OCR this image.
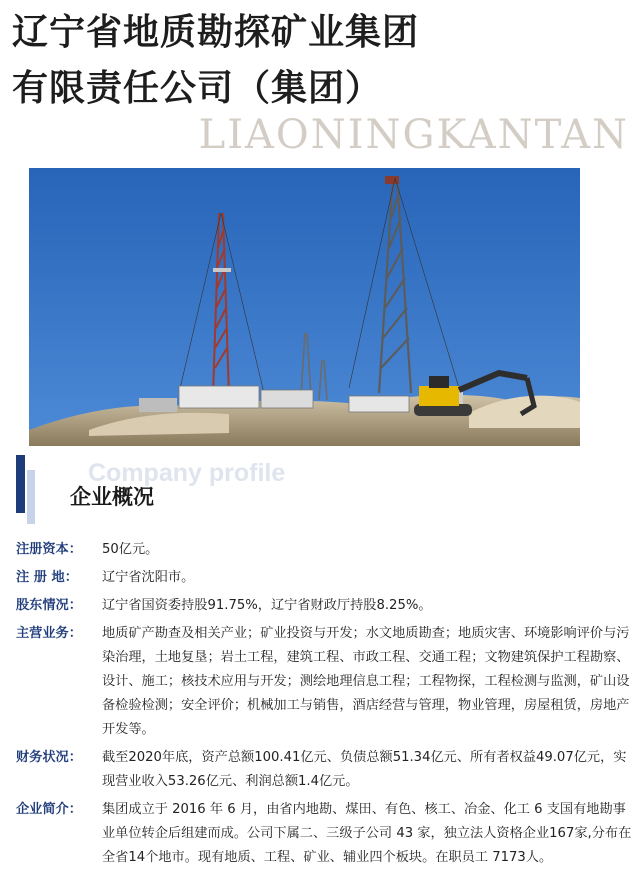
辽宁省地质勘探矿业集团
有限责任公司（集团）
LIAONINGKANTAN
Company profile
企业概况
注册资本：	50亿元。
注 册 地：	辽宁省沈阳市。
股东情况：	辽宁省国资委持股91.75%，辽宁省财政厅持股8.25%。
主营业务：	地质矿产勘查及相关产业；矿业投资与开发；水文地质勘查；地质灾害、环境影响评价与污染治理，土地复垦；岩土工程，建筑工程、市政工程、交通工程；文物建筑保护工程勘察、设计、施工；核技术应用与开发；测绘地理信息工程；工程物探，工程检测与监测，矿山设备检验检测；安全评价；机械加工与销售，酒店经营与管理，物业管理，房屋租赁，房地产开发等。
财务状况：	截至2020年底，资产总额100.41亿元、负债总额51.34亿元、所有者权益49.07亿元，实现营业收入53.26亿元、利润总额1.4亿元。
企业简介：	集团成立于 2016 年 6 月，由省内地勘、煤田、有色、核工、冶金、化工 6 支国有地勘事业单位转企后组建而成。公司下属二、三级子公司 43 家，独立法人资格企业167家,分布在全省14个地市。现有地质、工程、矿业、辅业四个板块。在职员工 7173人。
